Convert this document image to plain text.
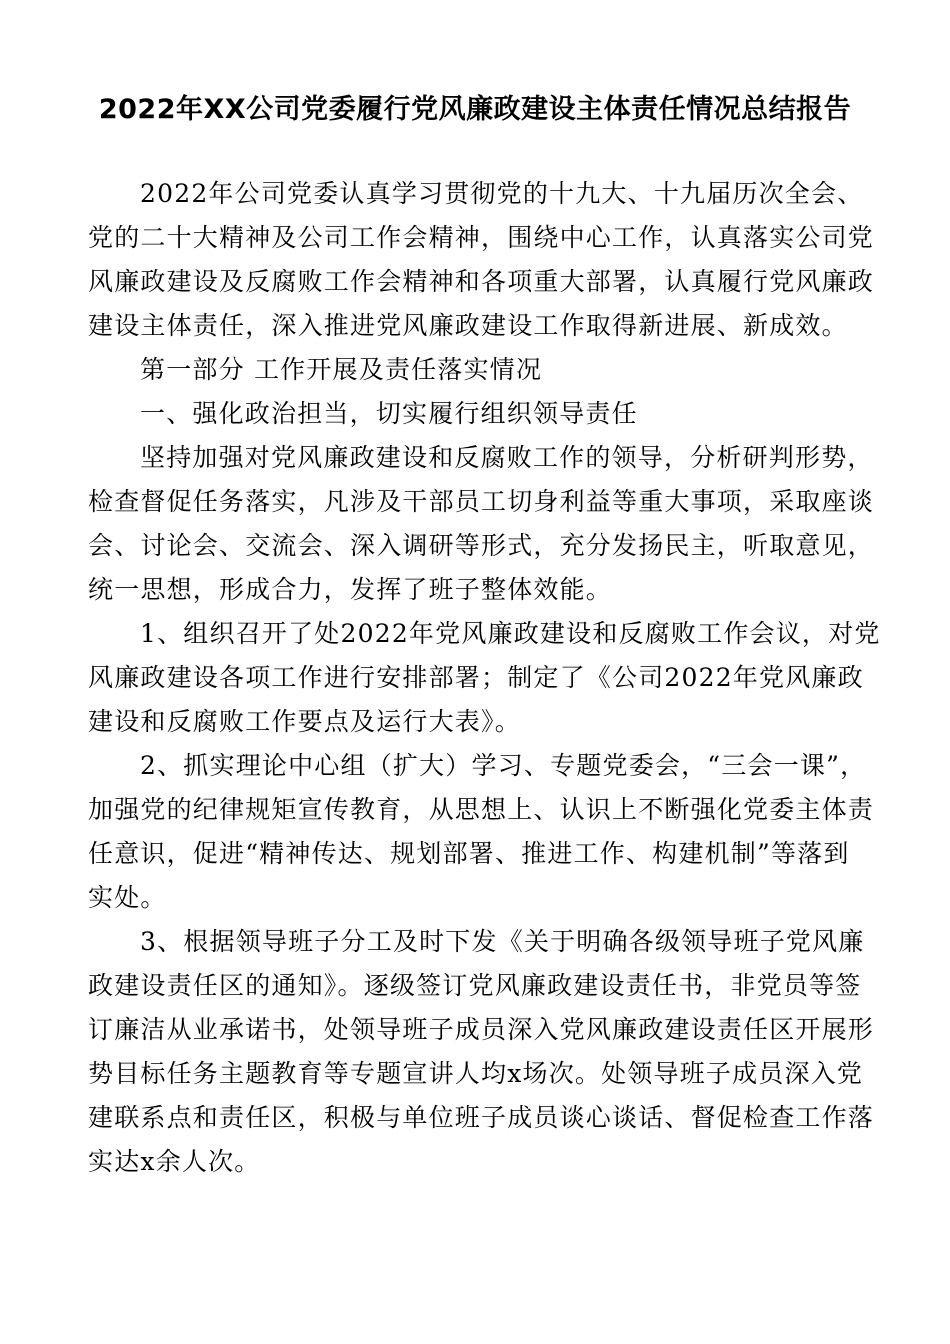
2022年XX公司党委履行党风廉政建设主体责任情况总结报告
2022年公司党委认真学习贯彻党的十九大、十九届历次全会、
党的二十大精神及公司工作会精神，围绕中心工作，认真落实公司党
风廉政建设及反腐败工作会精神和各项重大部署，认真履行党风廉政
建设主体责任，深入推进党风廉政建设工作取得新进展、新成效。
第一部分 工作开展及责任落实情况
一、强化政治担当，切实履行组织领导责任
坚持加强对党风廉政建设和反腐败工作的领导，分析研判形势，
检查督促任务落实，凡涉及干部员工切身利益等重大事项，采取座谈
会、讨论会、交流会、深入调研等形式，充分发扬民主，听取意见，
统一思想，形成合力，发挥了班子整体效能。
1、组织召开了处2022年党风廉政建设和反腐败工作会议，对党
风廉政建设各项工作进行安排部署；制定了《公司2022年党风廉政
建设和反腐败工作要点及运行大表》。
2、抓实理论中心组（扩大）学习、专题党委会，“三会一课”，
加强党的纪律规矩宣传教育，从思想上、认识上不断强化党委主体责
任意识，促进“精神传达、规划部署、推进工作、构建机制”等落到
实处。
3、根据领导班子分工及时下发《关于明确各级领导班子党风廉
政建设责任区的通知》。逐级签订党风廉政建设责任书，非党员等签
订廉洁从业承诺书，处领导班子成员深入党风廉政建设责任区开展形
势目标任务主题教育等专题宣讲人均x场次。处领导班子成员深入党
建联系点和责任区，积极与单位班子成员谈心谈话、督促检查工作落
实达x余人次。
